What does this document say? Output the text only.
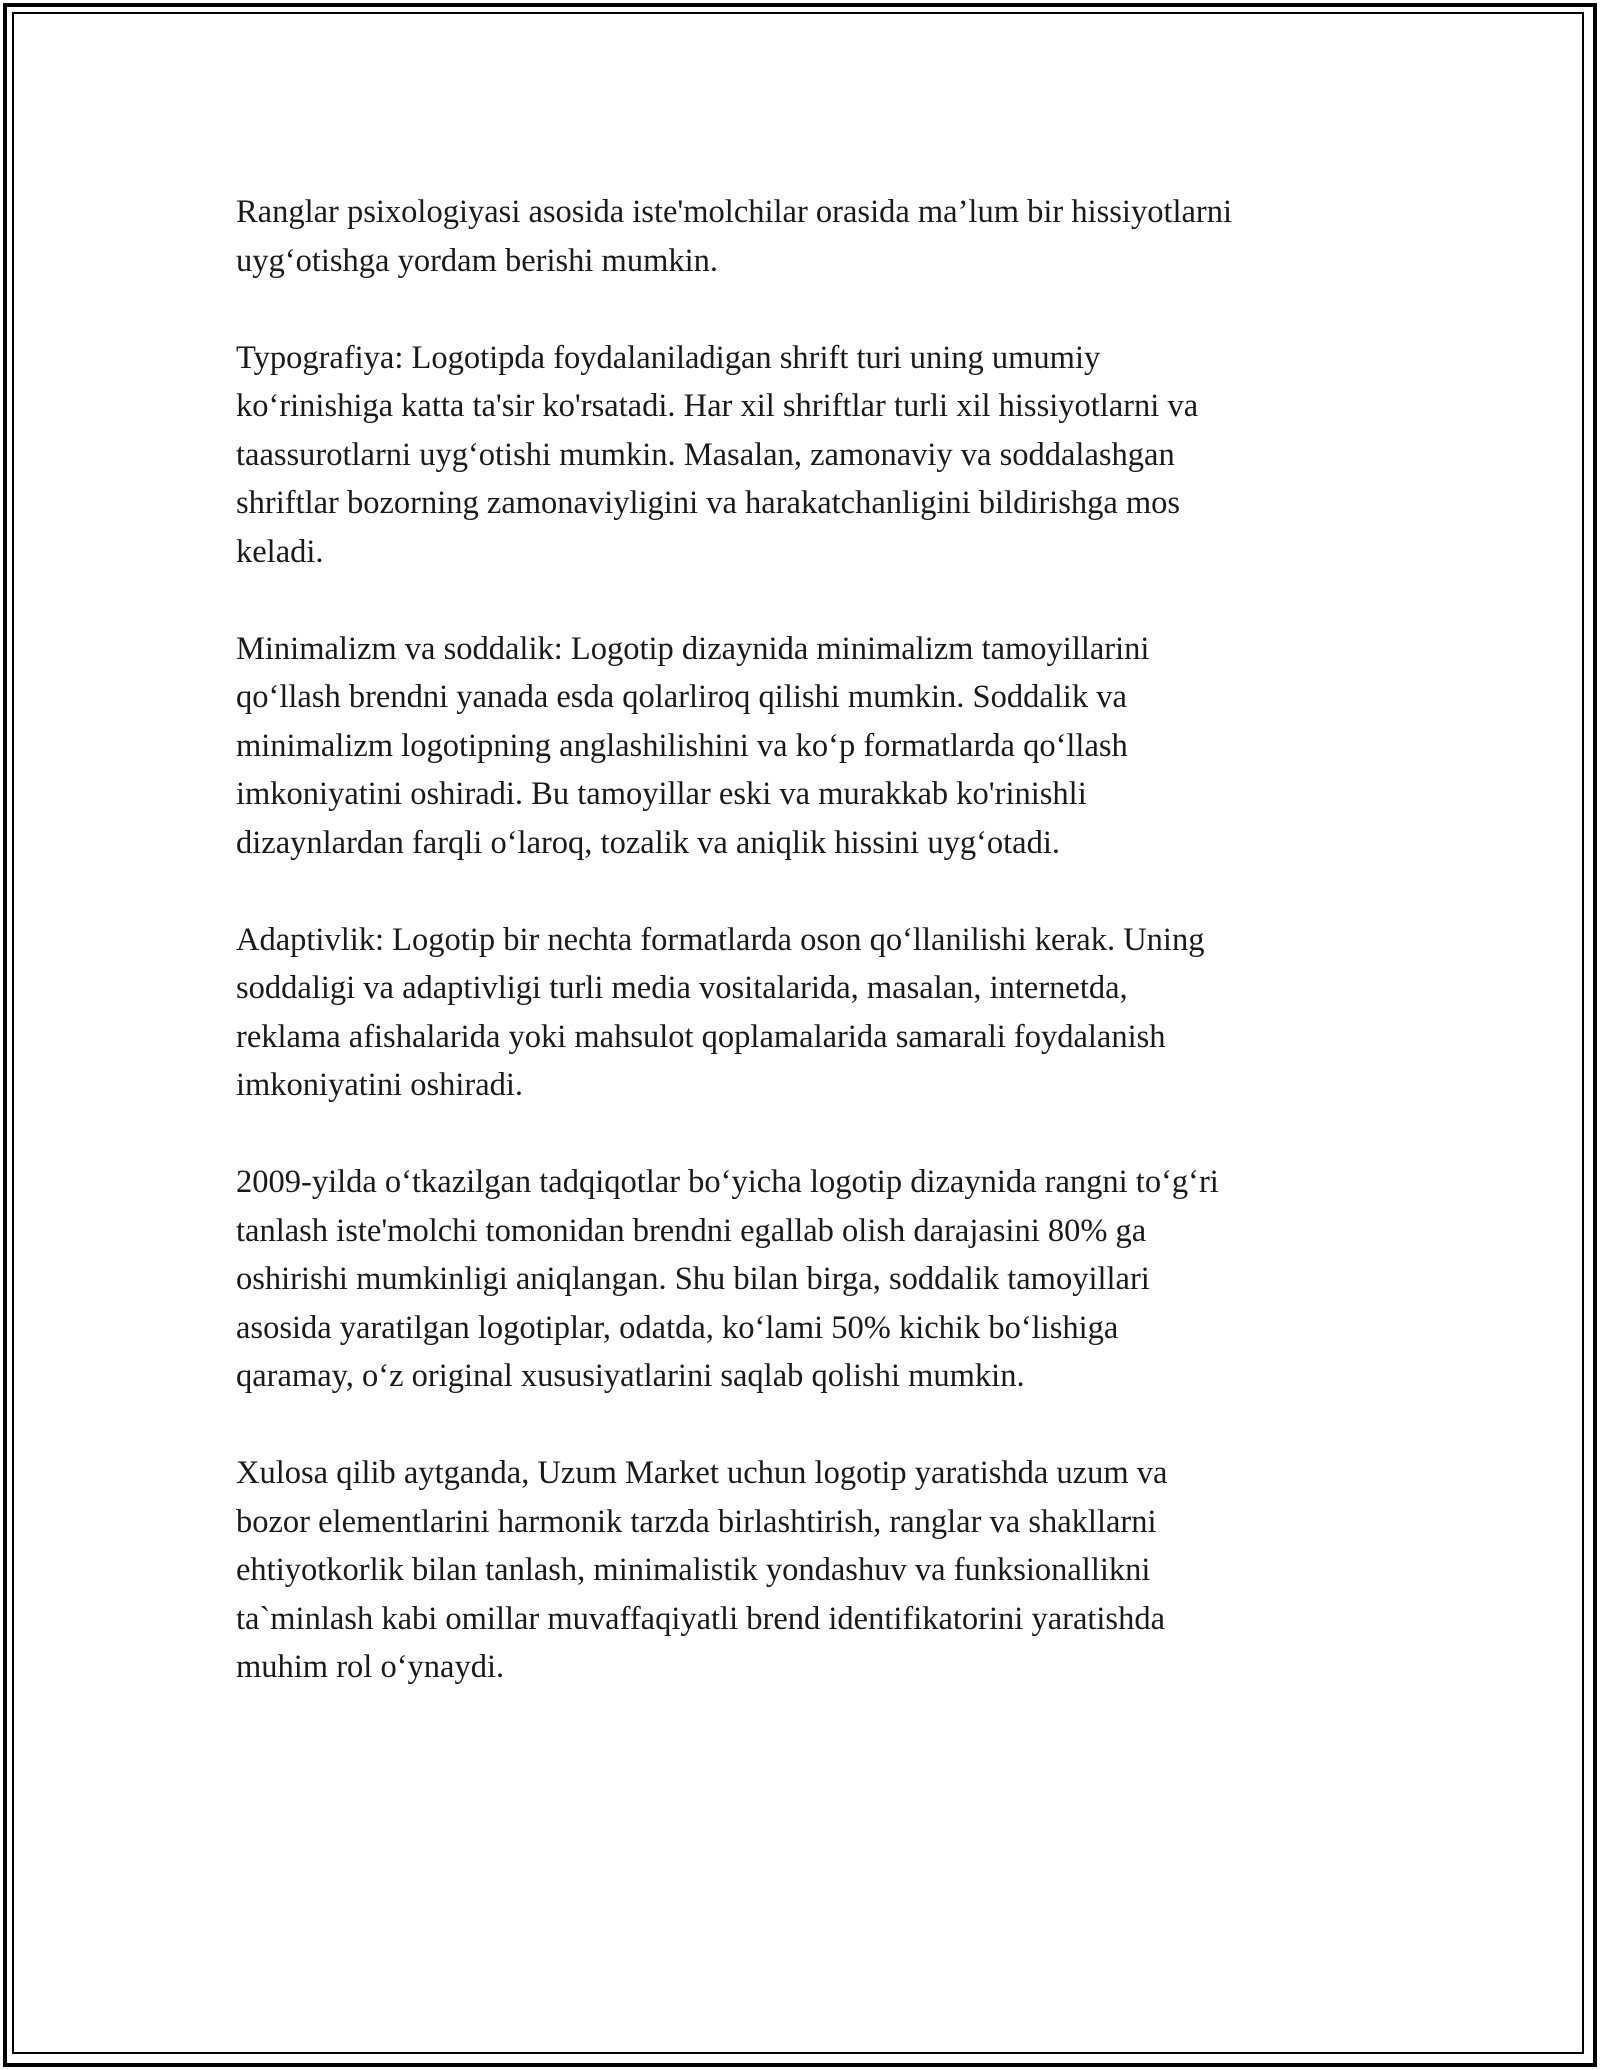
Ranglar psixologiyasi asosida iste'molchilar orasida ma’lum bir hissiyotlarni
uyg‘otishga yordam berishi mumkin.

Typografiya: Logotipda foydalaniladigan shrift turi uning umumiy
ko‘rinishiga katta ta'sir ko'rsatadi. Har xil shriftlar turli xil hissiyotlarni va
taassurotlarni uyg‘otishi mumkin. Masalan, zamonaviy va soddalashgan
shriftlar bozorning zamonaviyligini va harakatchanligini bildirishga mos
keladi.

Minimalizm va soddalik: Logotip dizaynida minimalizm tamoyillarini
qo‘llash brendni yanada esda qolarliroq qilishi mumkin. Soddalik va
minimalizm logotipning anglashilishini va ko‘p formatlarda qo‘llash
imkoniyatini oshiradi. Bu tamoyillar eski va murakkab ko'rinishli
dizaynlardan farqli o‘laroq, tozalik va aniqlik hissini uyg‘otadi.

Adaptivlik: Logotip bir nechta formatlarda oson qo‘llanilishi kerak. Uning
soddaligi va adaptivligi turli media vositalarida, masalan, internetda,
reklama afishalarida yoki mahsulot qoplamalarida samarali foydalanish
imkoniyatini oshiradi.

2009-yilda o‘tkazilgan tadqiqotlar bo‘yicha logotip dizaynida rangni to‘g‘ri
tanlash iste'molchi tomonidan brendni egallab olish darajasini 80% ga
oshirishi mumkinligi aniqlangan. Shu bilan birga, soddalik tamoyillari
asosida yaratilgan logotiplar, odatda, ko‘lami 50% kichik bo‘lishiga
qaramay, o‘z original xususiyatlarini saqlab qolishi mumkin.

Xulosa qilib aytganda, Uzum Market uchun logotip yaratishda uzum va
bozor elementlarini harmonik tarzda birlashtirish, ranglar va shakllarni
ehtiyotkorlik bilan tanlash, minimalistik yondashuv va funksionallikni
ta`minlash kabi omillar muvaffaqiyatli brend identifikatorini yaratishda
muhim rol o‘ynaydi.
